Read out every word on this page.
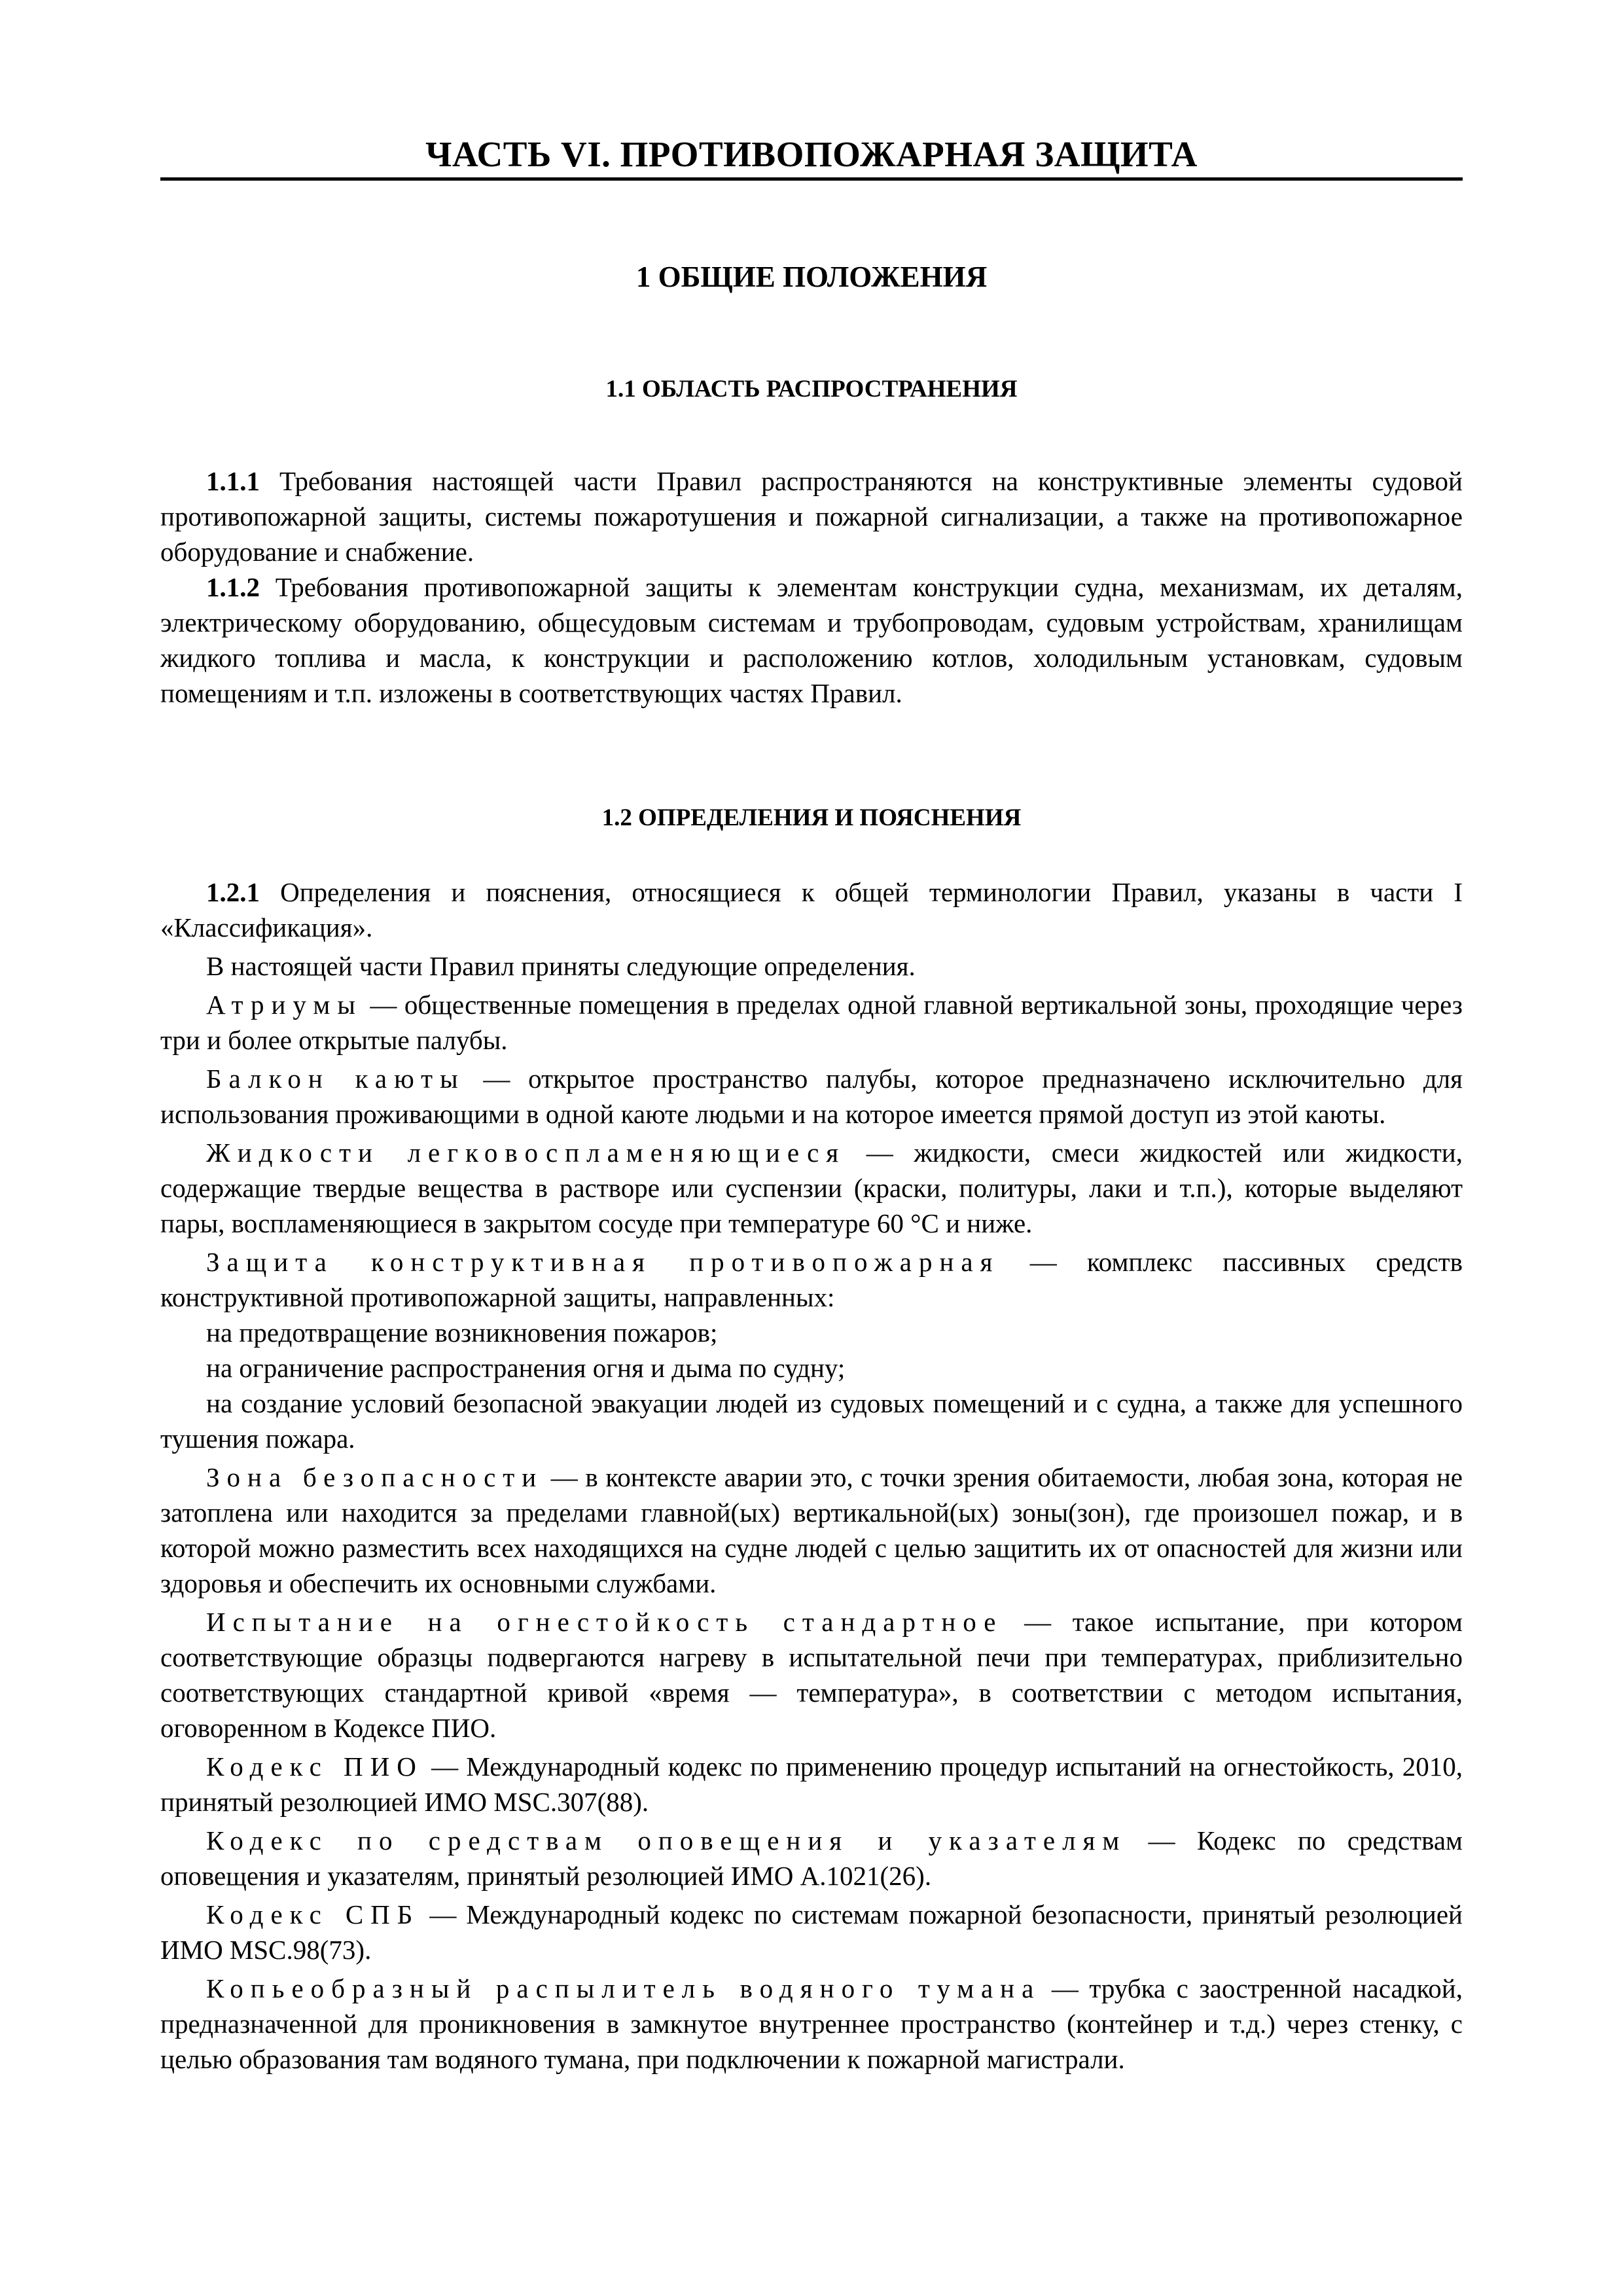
ЧАСТЬ VI. ПРОТИВОПОЖАРНАЯ ЗАЩИТА
1 ОБЩИЕ ПОЛОЖЕНИЯ
1.1 ОБЛАСТЬ РАСПРОСТРАНЕНИЯ

1.1.1 Требования настоящей части Правил распространяются на конструктивные элементы судовой противопожарной защиты, системы пожаротушения и пожарной сигнализации, а также на противопожарное оборудование и снабжение.

1.1.2 Требования противопожарной защиты к элементам конструкции судна, механизмам, их деталям, электрическому оборудованию, общесудовым системам и трубопроводам, судовым устройствам, хранилищам жидкого топлива и масла, к конструкции и расположению котлов, холодильным установкам, судовым помещениям и т.п. изложены в соответствующих частях Правил.

1.2 ОПРЕДЕЛЕНИЯ И ПОЯСНЕНИЯ

1.2.1 Определения и пояснения, относящиеся к общей терминологии Правил, указаны в части I «Классификация».

В настоящей части Правил приняты следующие определения.

Атриумы — общественные помещения в пределах одной главной вертикальной зоны, проходящие через три и более открытые палубы.

Балкон каюты — открытое пространство палубы, которое предназначено исключительно для использования проживающими в одной каюте людьми и на которое имеется прямой доступ из этой каюты.

Жидкости легковоспламеняющиеся — жидкости, смеси жидкостей или жидкости, содержащие твердые вещества в растворе или суспензии (краски, политуры, лаки и т.п.), которые выделяют пары, воспламеняющиеся в закрытом сосуде при температуре 60 °С и ниже.

Защита конструктивная противопожарная — комплекс пассивных средств конструктивной противопожарной защиты, направленных:

на предотвращение возникновения пожаров;

на ограничение распространения огня и дыма по судну;

на создание условий безопасной эвакуации людей из судовых помещений и с судна, а также для успешного тушения пожара.

Зона безопасности — в контексте аварии это, с точки зрения обитаемости, любая зона, которая не затоплена или находится за пределами главной(ых) вертикальной(ых) зоны(зон), где произошел пожар, и в которой можно разместить всех находящихся на судне людей с целью защитить их от опасностей для жизни или здоровья и обеспечить их основными службами.

Испытание на огнестойкость стандартное — такое испытание, при котором соответствующие образцы подвергаются нагреву в испытательной печи при температурах, приблизительно соответствующих стандартной кривой «время — температура», в соответствии с методом испытания, оговоренном в Кодексе ПИО.

Кодекс ПИО — Международный кодекс по применению процедур испытаний на огнестойкость, 2010, принятый резолюцией ИМО MSC.307(88).

Кодекс по средствам оповещения и указателям — Кодекс по средствам оповещения и указателям, принятый резолюцией ИМО А.1021(26).

Кодекс СПБ — Международный кодекс по системам пожарной безопасности, принятый резолюцией ИМО MSC.98(73).

Копьеобразный распылитель водяного тумана — трубка с заостренной насадкой, предназначенной для проникновения в замкнутое внутреннее пространство (контейнер и т.д.) через стенку, с целью образования там водяного тумана, при подключении к пожарной магистрали.
